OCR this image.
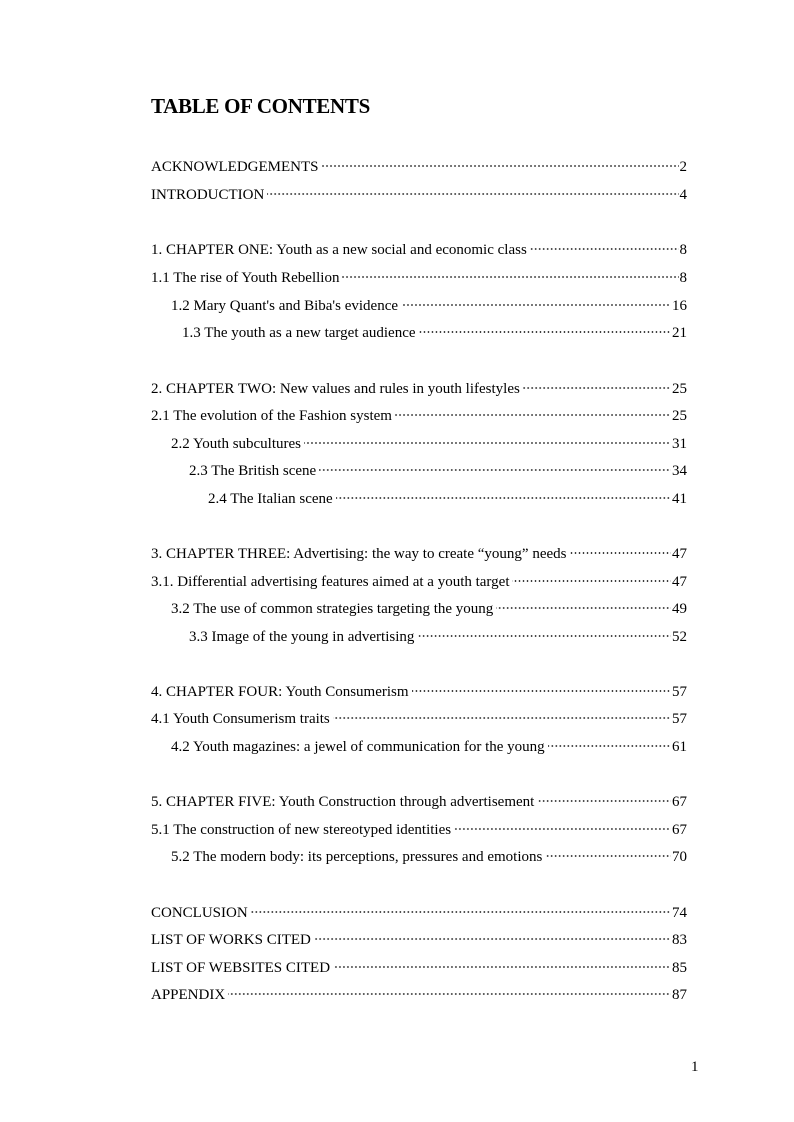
TABLE OF CONTENTS
ACKNOWLEDGEMENTS	2
INTRODUCTION	4
1. CHAPTER ONE: Youth as a new social and economic class	8
1.1 The rise of Youth Rebellion	8
1.2 Mary Quant's and Biba's evidence	16
1.3 The youth as a new target audience	21
2. CHAPTER TWO: New values and rules in youth lifestyles	25
2.1 The evolution of the Fashion system	25
2.2 Youth subcultures	31
2.3 The British scene	34
2.4 The Italian scene	41
3. CHAPTER THREE: Advertising: the way to create “young” needs	47
3.1. Differential advertising features aimed at a youth target	47
3.2 The use of common strategies targeting the young	49
3.3 Image of the young in advertising	52
4. CHAPTER FOUR: Youth Consumerism	57
4.1 Youth Consumerism traits	57
4.2 Youth magazines: a jewel of communication for the young	61
5. CHAPTER FIVE: Youth Construction through advertisement	67
5.1 The construction of new stereotyped identities	67
5.2 The modern body: its perceptions, pressures and emotions	70
CONCLUSION	74
LIST OF WORKS CITED	83
LIST OF WEBSITES CITED	85
APPENDIX	87
1
